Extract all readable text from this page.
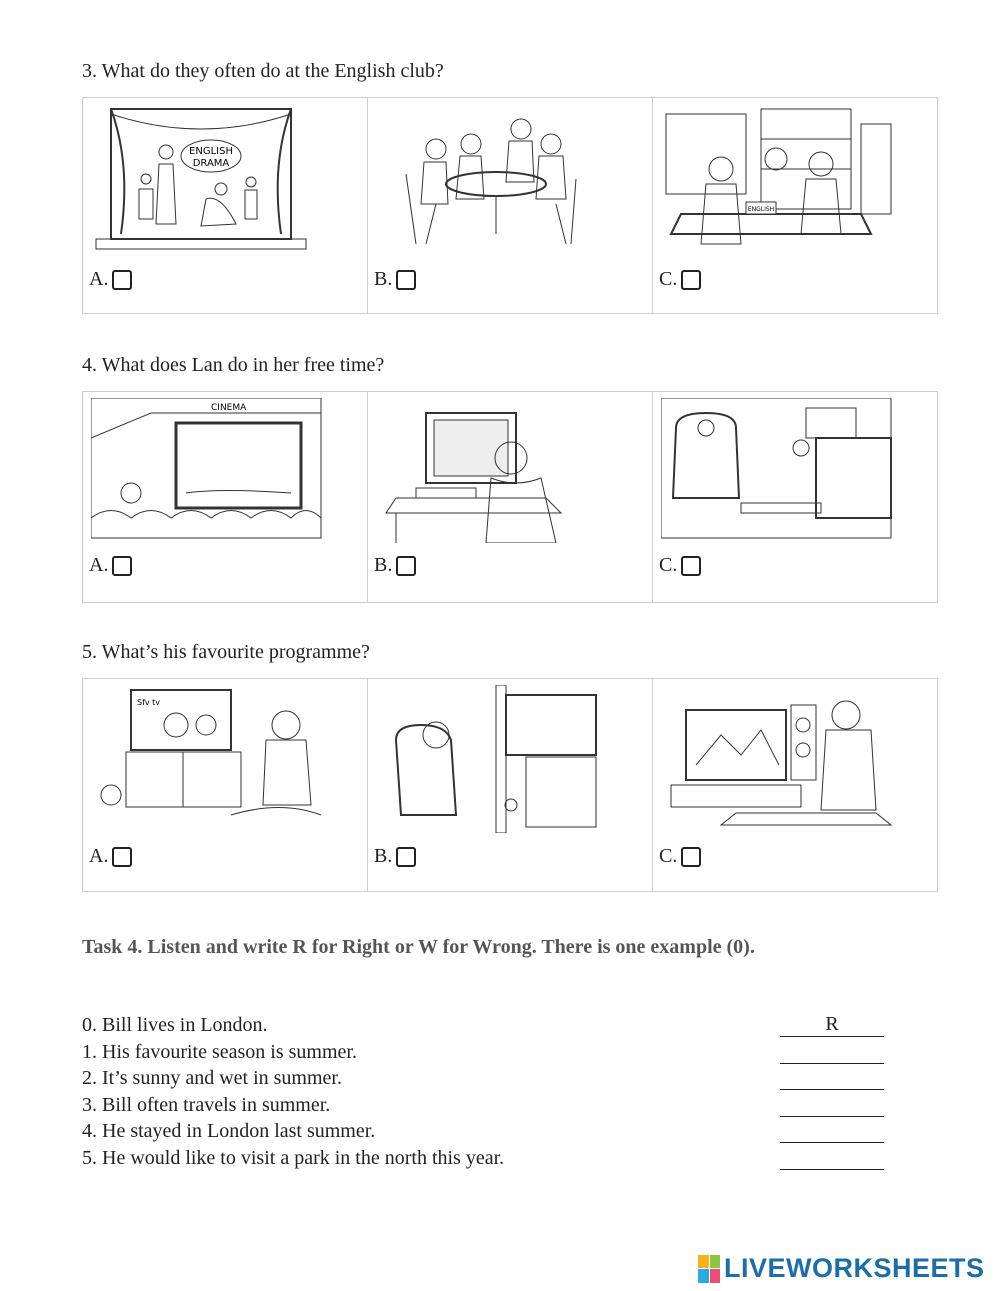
3. What do they often do at the English club?
ENGLISH
DRAMA
A.	B.
ENGLISH
C.
4. What does Lan do in her free time?
CINEMA
A.	B.	C.
5. What’s his favourite programme?
Sfv tv
A.	B.	C.
Task 4. Listen and write R for Right or W for Wrong. There is one example (0).
0. Bill lives in London.	R
1. His favourite season is summer.
2. It’s sunny and wet in summer.
3. Bill often travels in summer.
4. He stayed in London last summer.
5. He would like to visit a park in the north this year.
LIVEWORKSHEETS
